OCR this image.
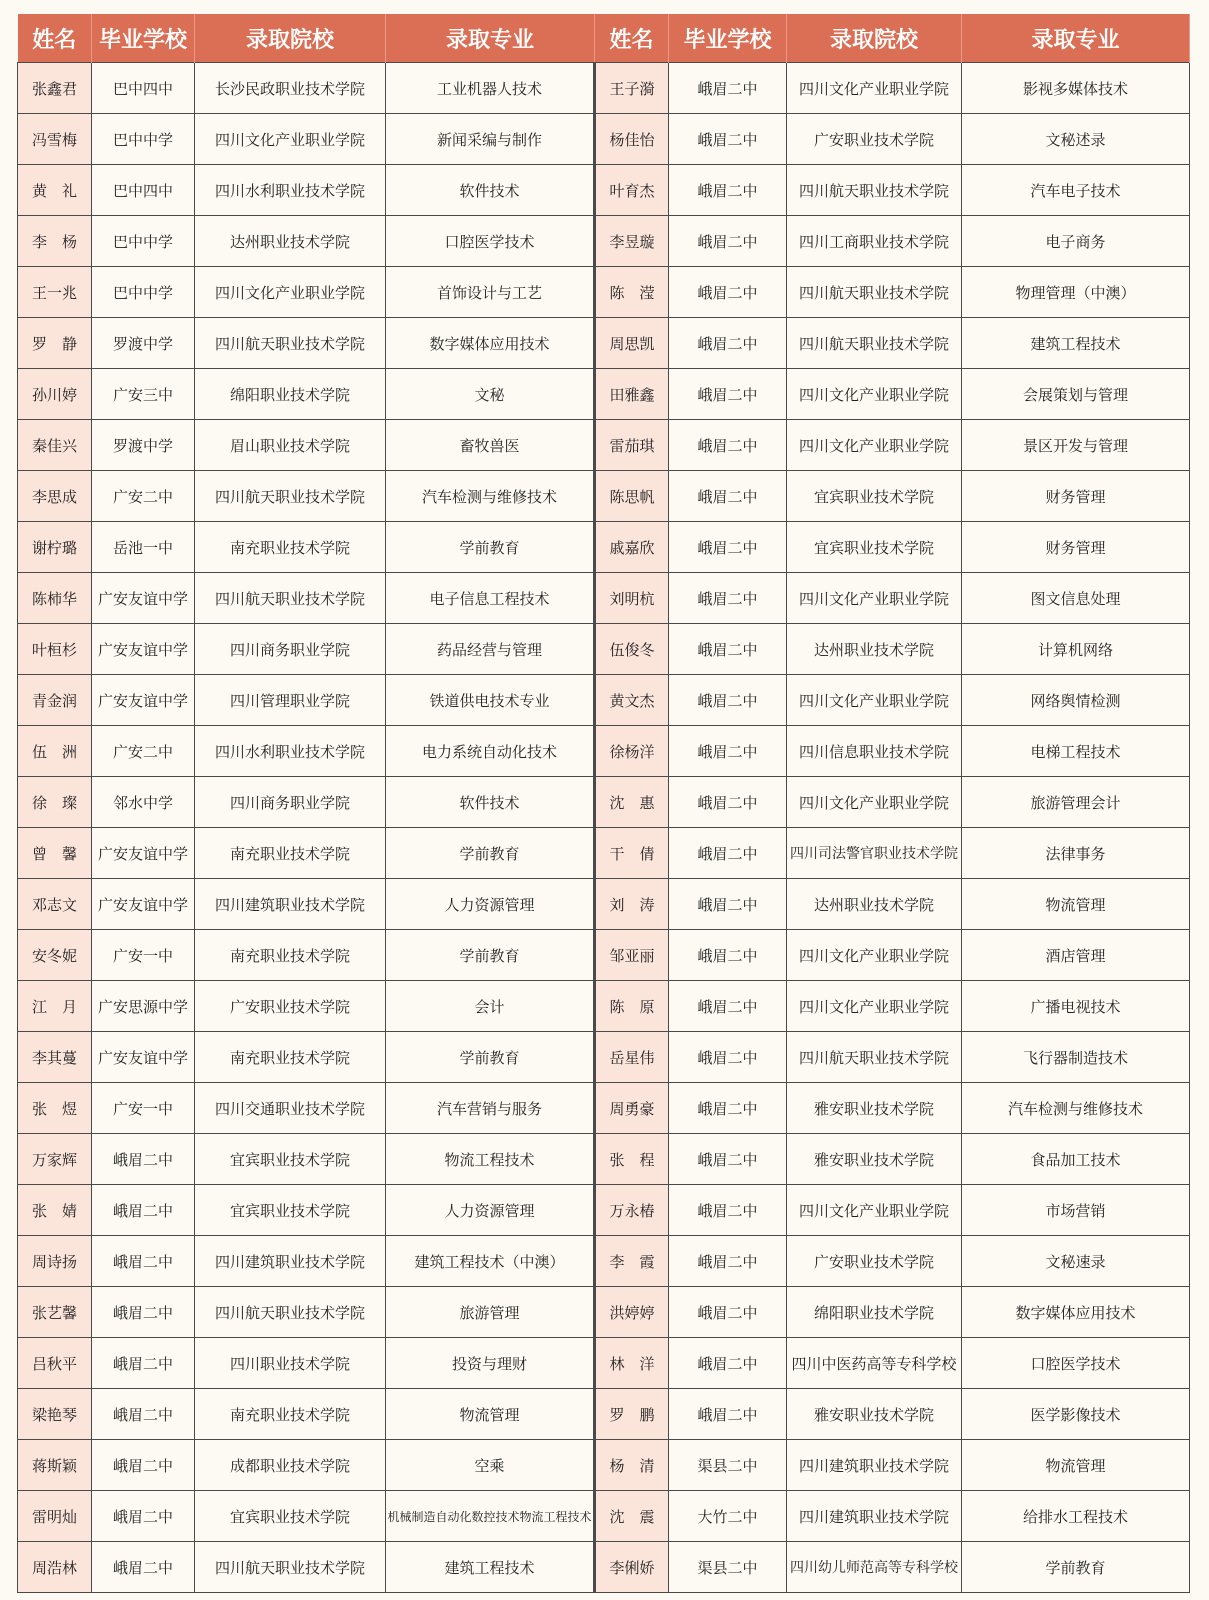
姓名	毕业学校	录取院校	录取专业	姓名	毕业学校	录取院校	录取专业
张鑫君	巴中四中	长沙民政职业技术学院	工业机器人技术	王子漪	峨眉二中	四川文化产业职业学院	影视多媒体技术
冯雪梅	巴中中学	四川文化产业职业学院	新闻采编与制作	杨佳怡	峨眉二中	广安职业技术学院	文秘述录
黄　礼	巴中四中	四川水利职业技术学院	软件技术	叶育杰	峨眉二中	四川航天职业技术学院	汽车电子技术
李　杨	巴中中学	达州职业技术学院	口腔医学技术	李昱璇	峨眉二中	四川工商职业技术学院	电子商务
王一兆	巴中中学	四川文化产业职业学院	首饰设计与工艺	陈　滢	峨眉二中	四川航天职业技术学院	物理管理（中澳）
罗　静	罗渡中学	四川航天职业技术学院	数字媒体应用技术	周思凯	峨眉二中	四川航天职业技术学院	建筑工程技术
孙川婷	广安三中	绵阳职业技术学院	文秘	田雅鑫	峨眉二中	四川文化产业职业学院	会展策划与管理
秦佳兴	罗渡中学	眉山职业技术学院	畜牧兽医	雷茄琪	峨眉二中	四川文化产业职业学院	景区开发与管理
李思成	广安二中	四川航天职业技术学院	汽车检测与维修技术	陈思帆	峨眉二中	宜宾职业技术学院	财务管理
谢柠璐	岳池一中	南充职业技术学院	学前教育	戚嘉欣	峨眉二中	宜宾职业技术学院	财务管理
陈柿华	广安友谊中学	四川航天职业技术学院	电子信息工程技术	刘明杭	峨眉二中	四川文化产业职业学院	图文信息处理
叶桓杉	广安友谊中学	四川商务职业学院	药品经营与管理	伍俊冬	峨眉二中	达州职业技术学院	计算机网络
青金润	广安友谊中学	四川管理职业学院	铁道供电技术专业	黄文杰	峨眉二中	四川文化产业职业学院	网络舆情检测
伍　洲	广安二中	四川水利职业技术学院	电力系统自动化技术	徐杨洋	峨眉二中	四川信息职业技术学院	电梯工程技术
徐　璨	邻水中学	四川商务职业学院	软件技术	沈　惠	峨眉二中	四川文化产业职业学院	旅游管理会计
曾　馨	广安友谊中学	南充职业技术学院	学前教育	干　倩	峨眉二中	四川司法警官职业技术学院	法律事务
邓志文	广安友谊中学	四川建筑职业技术学院	人力资源管理	刘　涛	峨眉二中	达州职业技术学院	物流管理
安冬妮	广安一中	南充职业技术学院	学前教育	邹亚丽	峨眉二中	四川文化产业职业学院	酒店管理
江　月	广安思源中学	广安职业技术学院	会计	陈　原	峨眉二中	四川文化产业职业学院	广播电视技术
李其蔓	广安友谊中学	南充职业技术学院	学前教育	岳星伟	峨眉二中	四川航天职业技术学院	飞行器制造技术
张　煜	广安一中	四川交通职业技术学院	汽车营销与服务	周勇豪	峨眉二中	雅安职业技术学院	汽车检测与维修技术
万家辉	峨眉二中	宜宾职业技术学院	物流工程技术	张　程	峨眉二中	雅安职业技术学院	食品加工技术
张　婧	峨眉二中	宜宾职业技术学院	人力资源管理	万永椿	峨眉二中	四川文化产业职业学院	市场营销
周诗扬	峨眉二中	四川建筑职业技术学院	建筑工程技术（中澳）	李　霞	峨眉二中	广安职业技术学院	文秘速录
张艺馨	峨眉二中	四川航天职业技术学院	旅游管理	洪婷婷	峨眉二中	绵阳职业技术学院	数字媒体应用技术
吕秋平	峨眉二中	四川职业技术学院	投资与理财	林　洋	峨眉二中	四川中医药高等专科学校	口腔医学技术
梁艳琴	峨眉二中	南充职业技术学院	物流管理	罗　鹏	峨眉二中	雅安职业技术学院	医学影像技术
蒋斯颖	峨眉二中	成都职业技术学院	空乘	杨　清	渠县二中	四川建筑职业技术学院	物流管理
雷明灿	峨眉二中	宜宾职业技术学院	机械制造自动化数控技术物流工程技术	沈　震	大竹二中	四川建筑职业技术学院	给排水工程技术
周浩林	峨眉二中	四川航天职业技术学院	建筑工程技术	李俐娇	渠县二中	四川幼儿师范高等专科学校	学前教育
